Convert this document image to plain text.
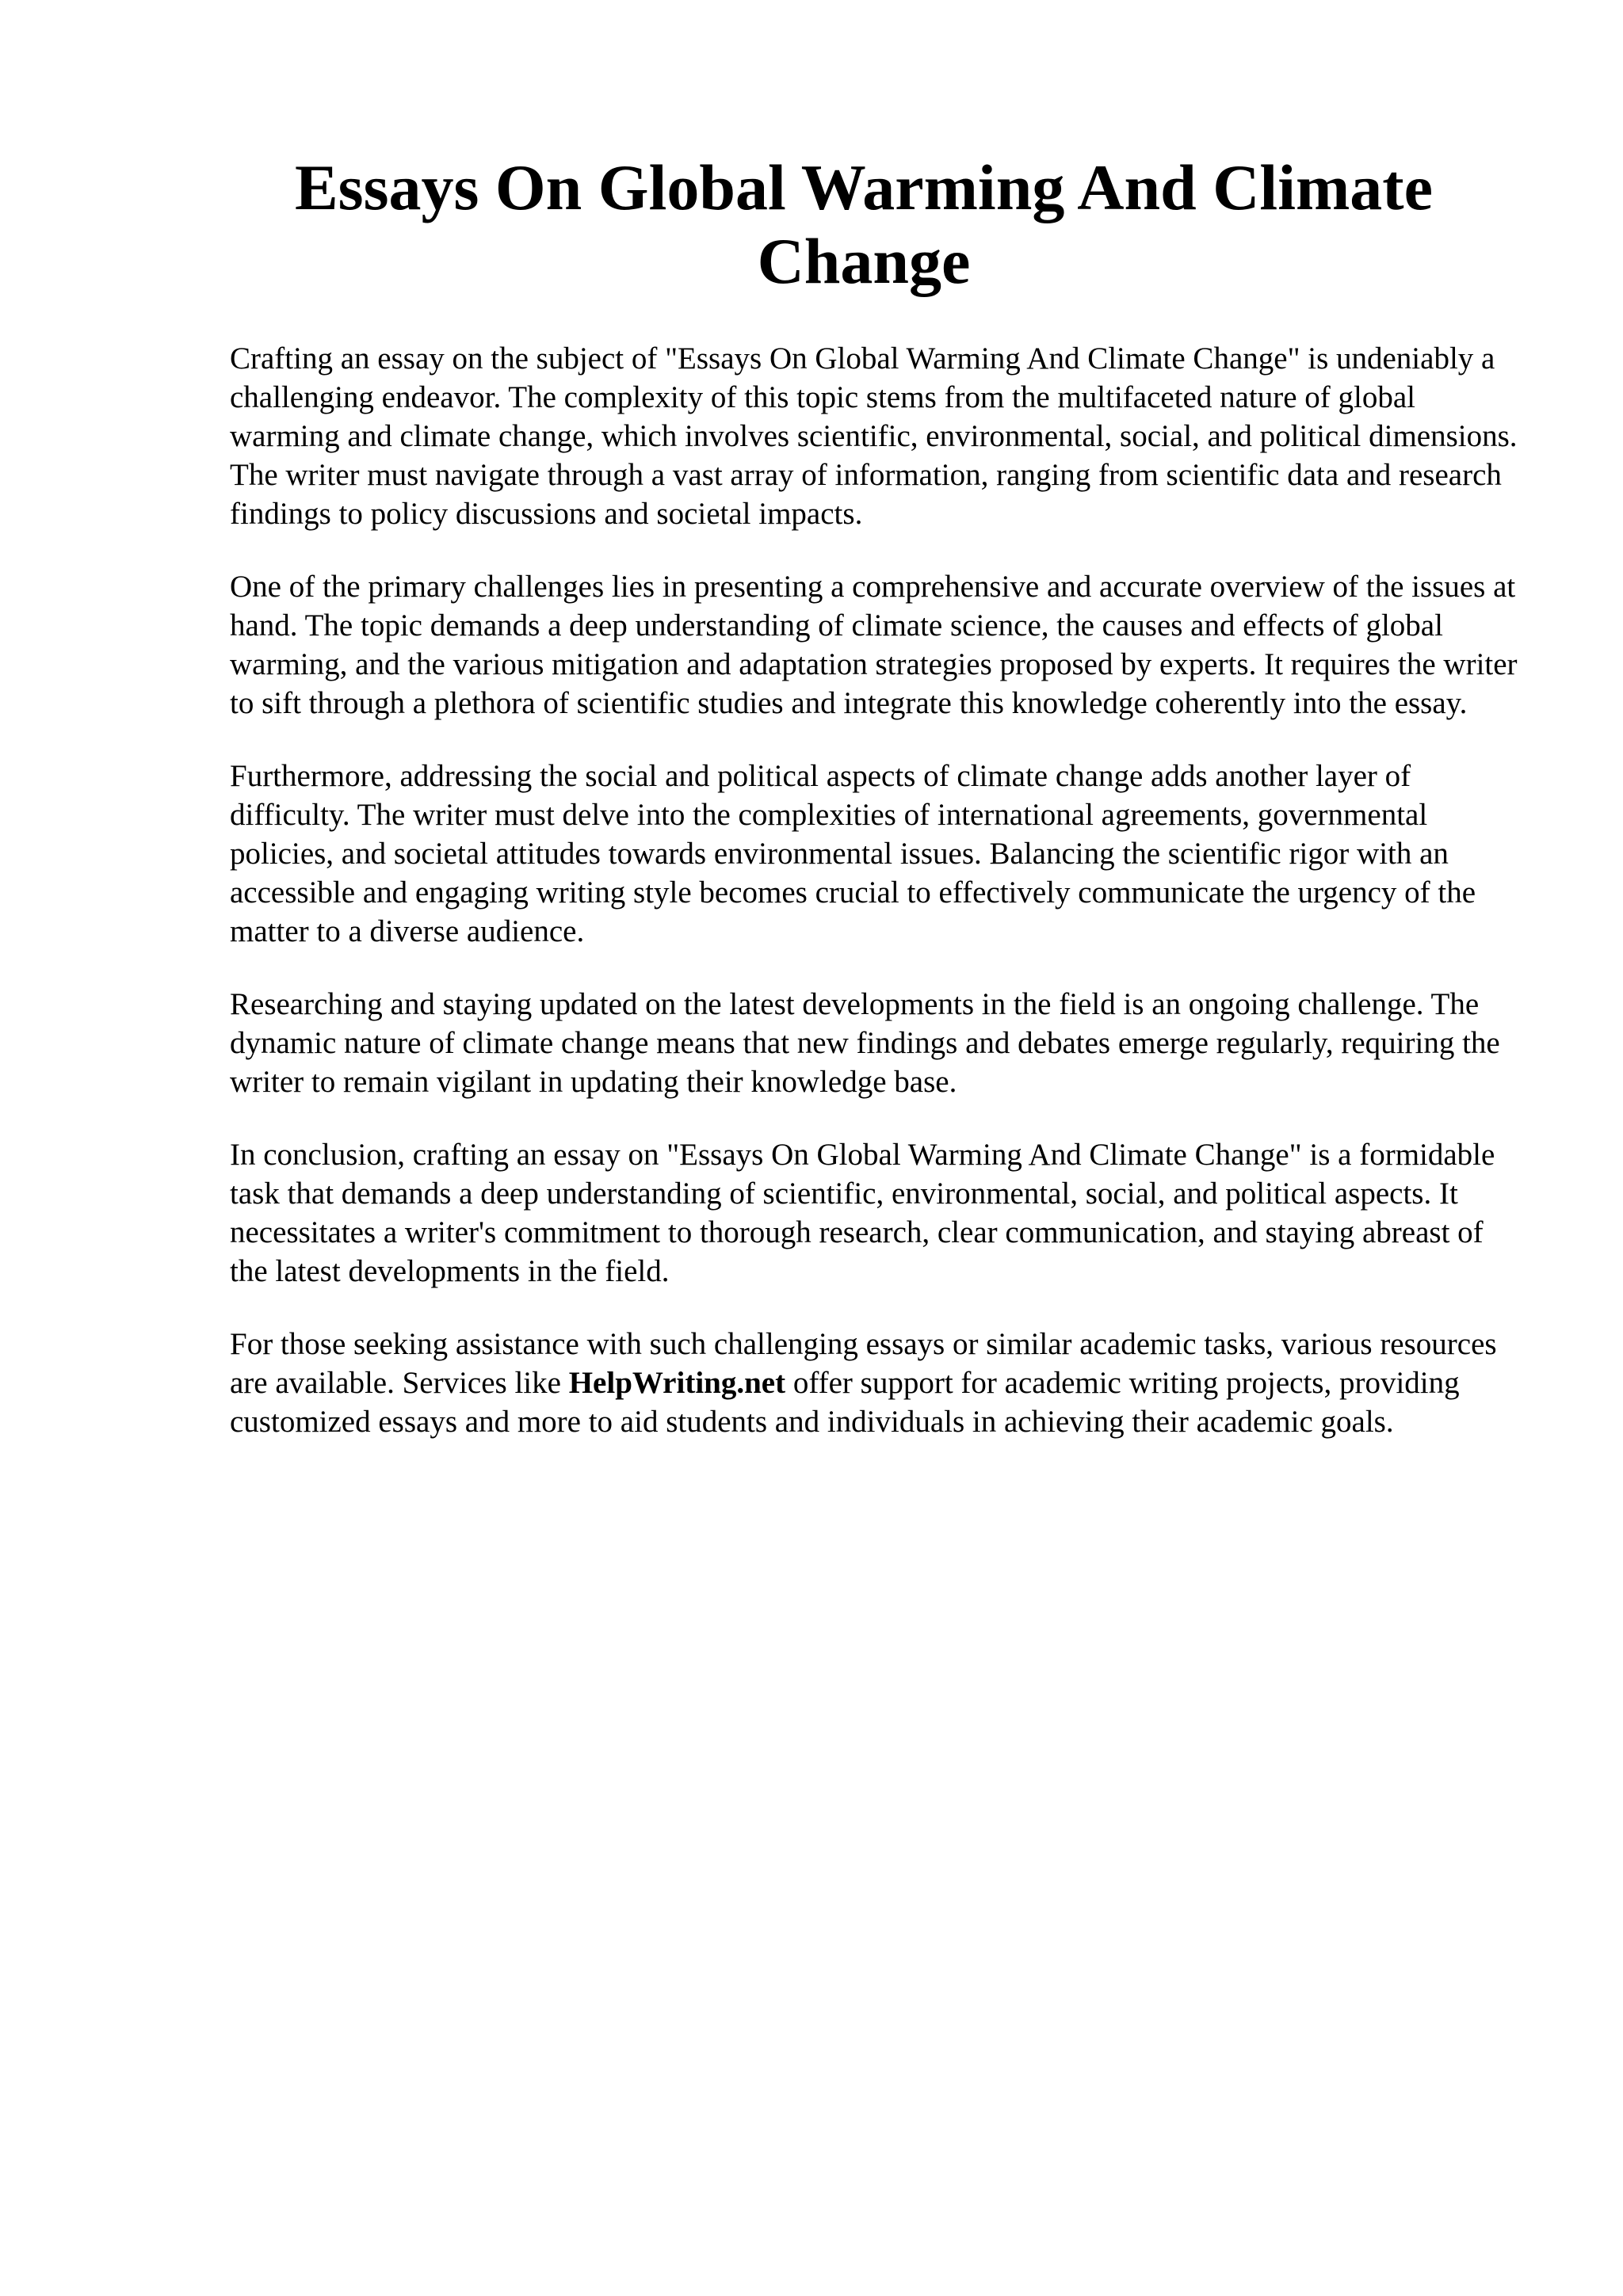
Essays On Global Warming And Climate Change

Crafting an essay on the subject of "Essays On Global Warming And Climate Change" is undeniably a challenging endeavor. The complexity of this topic stems from the multifaceted nature of global warming and climate change, which involves scientific, environmental, social, and political dimensions. The writer must navigate through a vast array of information, ranging from scientific data and research findings to policy discussions and societal impacts.

One of the primary challenges lies in presenting a comprehensive and accurate overview of the issues at hand. The topic demands a deep understanding of climate science, the causes and effects of global warming, and the various mitigation and adaptation strategies proposed by experts. It requires the writer to sift through a plethora of scientific studies and integrate this knowledge coherently into the essay.

Furthermore, addressing the social and political aspects of climate change adds another layer of difficulty. The writer must delve into the complexities of international agreements, governmental policies, and societal attitudes towards environmental issues. Balancing the scientific rigor with an accessible and engaging writing style becomes crucial to effectively communicate the urgency of the matter to a diverse audience.

Researching and staying updated on the latest developments in the field is an ongoing challenge. The dynamic nature of climate change means that new findings and debates emerge regularly, requiring the writer to remain vigilant in updating their knowledge base.

In conclusion, crafting an essay on "Essays On Global Warming And Climate Change" is a formidable task that demands a deep understanding of scientific, environmental, social, and political aspects. It necessitates a writer's commitment to thorough research, clear communication, and staying abreast of the latest developments in the field.

For those seeking assistance with such challenging essays or similar academic tasks, various resources are available. Services like HelpWriting.net offer support for academic writing projects, providing customized essays and more to aid students and individuals in achieving their academic goals.
